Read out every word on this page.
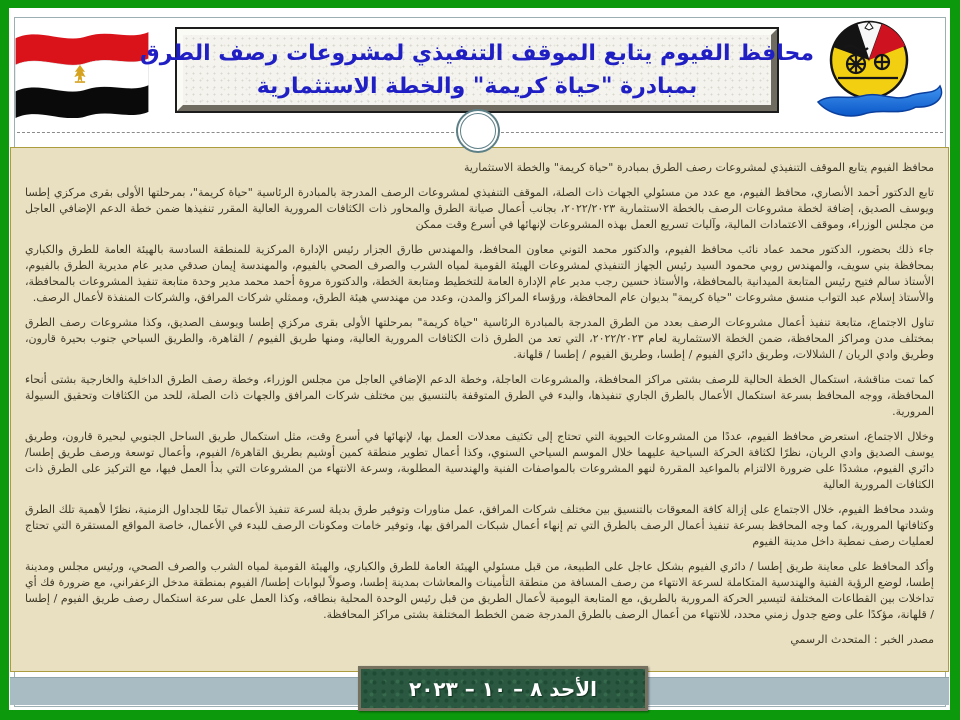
محافظ الفيوم يتابع الموقف التنفيذي لمشروعات رصف الطرق
بمبادرة "حياة كريمة" والخطة الاستثمارية

محافظ الفيوم يتابع الموقف التنفيذي لمشروعات رصف الطرق بمبادرة "حياة كريمة" والخطة الاستثمارية

تابع الدكتور أحمد الأنصاري، محافظ الفيوم، مع عدد من مسئولي الجهات ذات الصلة، الموقف التنفيذي لمشروعات الرصف المدرجة بالمبادرة الرئاسية "حياة كريمة"، بمرحلتها الأولى بقرى مركزي إطسا ويوسف الصديق، إضافة لخطة مشروعات الرصف بالخطة الاستثمارية ٢٠٢٢/٢٠٢٣، بجانب أعمال صيانة الطرق والمحاور ذات الكثافات المرورية العالية المقرر تنفيذها ضمن خطة الدعم الإضافي العاجل من مجلس الوزراء، وموقف الاعتمادات المالية، وآليات تسريع العمل بهذه المشروعات لإنهائها في أسرع وقت ممكن

جاء ذلك بحضور، الدكتور محمد عماد نائب محافظ الفيوم، والدكتور محمد التوني معاون المحافظ، والمهندس طارق الجزار رئيس الإدارة المركزية للمنطقة السادسة بالهيئة العامة للطرق والكباري بمحافظة بني سويف، والمهندس روبي محمود السيد رئيس الجهاز التنفيذي لمشروعات الهيئة القومية لمياه الشرب والصرف الصحي بالفيوم، والمهندسة إيمان صدقي مدير عام مديرية الطرق بالفيوم، الأستاذ سالم فتيح رئيس المتابعة الميدانية بالمحافظة، والأستاذ حسين رجب مدير عام الإدارة العامة للتخطيط ومتابعة الخطة، والدكتورة مروة أحمد محمد مدير وحدة متابعة تنفيذ المشروعات بالمحافظة، والأستاذ إسلام عبد التواب منسق مشروعات "حياة كريمة" بديوان عام المحافظة، ورؤساء المراكز والمدن، وعدد من مهندسي هيئة الطرق، وممثلي شركات المرافق، والشركات المنفذة لأعمال الرصف.

تناول الاجتماع، متابعة تنفيذ أعمال مشروعات الرصف بعدد من الطرق المدرجة بالمبادرة الرئاسية "حياة كريمة" بمرحلتها الأولى بقرى مركزي إطسا ويوسف الصديق، وكذا مشروعات رصف الطرق بمختلف مدن ومراكز المحافظة، ضمن الخطة الاستثمارية لعام ٢٠٢٢/٢٠٢٣، التي تعد من الطرق ذات الكثافات المرورية العالية، ومنها طريق الفيوم / القاهرة، والطريق السياحي جنوب بحيرة قارون، وطريق وادي الريان / الشلالات، وطريق دائري الفيوم / إطسا، وطريق الفيوم / إطسا / قلهانة.

كما تمت مناقشة، استكمال الخطة الحالية للرصف بشتى مراكز المحافظة، والمشروعات العاجلة، وخطة الدعم الإضافي العاجل من مجلس الوزراء، وخطة رصف الطرق الداخلية والخارجية بشتى أنحاء المحافظة، ووجه المحافظ بسرعة استكمال الأعمال بالطرق الجاري تنفيذها، والبدء في الطرق المتوقفة بالتنسيق بين مختلف شركات المرافق والجهات ذات الصلة، للحد من الكثافات وتحقيق السيولة المرورية.

وخلال الاجتماع، استعرض محافظ الفيوم، عددًا من المشروعات الحيوية التي تحتاج إلى تكثيف معدلات العمل بها، لإنهائها في أسرع وقت، مثل استكمال طريق الساحل الجنوبي لبحيرة قارون، وطريق يوسف الصديق وادي الريان، نظرًا لكثافة الحركة السياحية عليهما خلال الموسم السياحي السنوي، وكذا أعمال تطوير منطقة كمين أوشيم بطريق القاهرة/ الفيوم، وأعمال توسعة ورصف طريق إطسا/ دائري الفيوم، مشددًا على ضرورة الالتزام بالمواعيد المقررة لنهو المشروعات بالمواصفات الفنية والهندسية المطلوبة، وسرعة الانتهاء من المشروعات التي بدأ العمل فيها، مع التركيز على الطرق ذات الكثافات المرورية العالية

وشدد محافظ الفيوم، خلال الاجتماع على إزالة كافة المعوقات بالتنسيق بين مختلف شركات المرافق، عمل مناورات وتوفير طرق بديلة لسرعة تنفيذ الأعمال تبعًا للجداول الزمنية، نظرًا لأهمية تلك الطرق وكثافاتها المرورية، كما وجه المحافظ بسرعة تنفيذ أعمال الرصف بالطرق التي تم إنهاء أعمال شبكات المرافق بها، وتوفير خامات ومكونات الرصف للبدء في الأعمال، خاصة المواقع المستقرة التي تحتاج لعمليات رصف نمطية داخل مدينة الفيوم

وأكد المحافظ على معاينة طريق إطسا / دائري الفيوم بشكل عاجل على الطبيعة، من قبل مسئولي الهيئة العامة للطرق والكباري، والهيئة القومية لمياه الشرب والصرف الصحي، ورئيس مجلس ومدينة إطسا، لوضع الرؤية الفنية والهندسية المتكاملة لسرعة الانتهاء من رصف المسافة من منطقة التأمينات والمعاشات بمدينة إطسا، وصولاً لبوابات إطسا/ الفيوم بمنطقة مدخل الزعفراني، مع ضرورة فك أي تداخلات بين القطاعات المختلفة لتيسير الحركة المرورية بالطريق، مع المتابعة اليومية لأعمال الطريق من قبل رئيس الوحدة المحلية بنطاقه، وكذا العمل على سرعة استكمال رصف طريق الفيوم / إطسا / قلهانة، مؤكدًا على وضع جدول زمني محدد، للانتهاء من أعمال الرصف بالطرق المدرجة ضمن الخطط المختلفة بشتى مراكز المحافظة.

مصدر الخبر : المتحدث الرسمي

الأحد ٨ – ١٠ – ٢٠٢٣
